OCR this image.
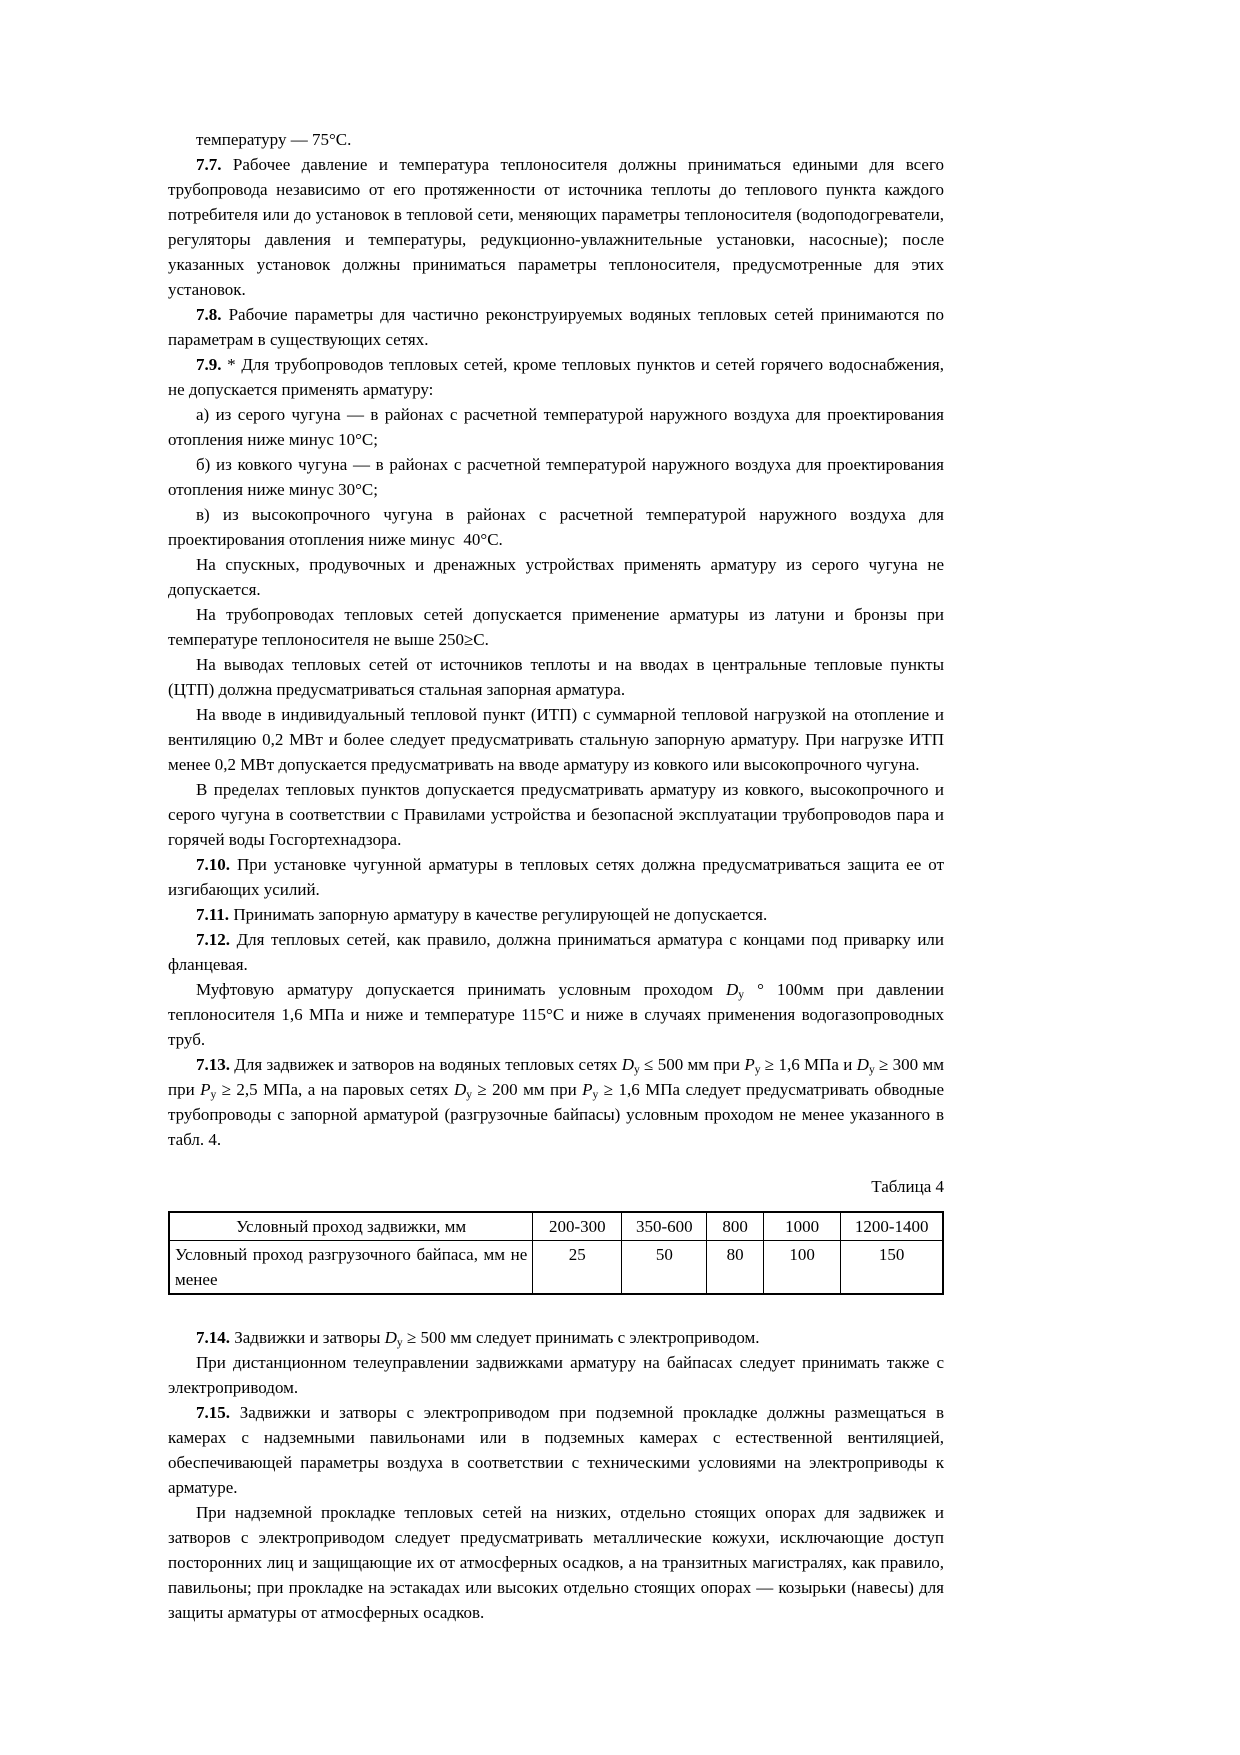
температуру — 75°С.

7.7. Рабочее давление и температура теплоносителя должны приниматься едиными для всего трубопровода независимо от его протяженности от источника теплоты до теплового пункта каждого потребителя или до установок в тепловой сети, меняющих параметры теплоносителя (водоподогреватели, регуляторы давления и температуры, редукционно-увлажнительные установки, насосные); после указанных установок должны приниматься параметры теплоносителя, предусмотренные для этих установок.

7.8. Рабочие параметры для частично реконструируемых водяных тепловых сетей принимаются по параметрам в существующих сетях.

7.9. * Для трубопроводов тепловых сетей, кроме тепловых пунктов и сетей горячего водоснабжения, не допускается применять арматуру:

а) из серого чугуна — в районах с расчетной температурой наружного воздуха для проектирования отопления ниже минус 10°С;

б) из ковкого чугуна — в районах с расчетной температурой наружного воздуха для проектирования отопления ниже минус 30°С;

в) из высокопрочного чугуна в районах с расчетной температурой наружного воздуха для проектирования отопления ниже минус  40°С.

На спускных, продувочных и дренажных устройствах применять арматуру из серого чугуна не допускается.

На трубопроводах тепловых сетей допускается применение арматуры из латуни и бронзы при температуре теплоносителя не выше 250≥С.

На выводах тепловых сетей от источников теплоты и на вводах в центральные тепловые пункты (ЦТП) должна предусматриваться стальная запорная арматура.

На вводе в индивидуальный тепловой пункт (ИТП) с суммарной тепловой нагрузкой на отопление и вентиляцию 0,2 МВт и более следует предусматривать стальную запорную арматуру. При нагрузке ИТП менее 0,2 МВт допускается предусматривать на вводе арматуру из ковкого или высокопрочного чугуна.

В пределах тепловых пунктов допускается предусматривать арматуру из ковкого, высокопрочного и серого чугуна в соответствии с Правилами устройства и безопасной эксплуатации трубопроводов пара и горячей воды Госгортехнадзора.

7.10. При установке чугунной арматуры в тепловых сетях должна предусматриваться защита ее от изгибающих усилий.

7.11. Принимать запорную арматуру в качестве регулирующей не допускается.

7.12. Для тепловых сетей, как правило, должна приниматься арматура с концами под приварку или фланцевая.

Муфтовую арматуру допускается принимать условным проходом $D_у$ ° 100мм при давлении теплоносителя 1,6 МПа и ниже и температуре 115°С и ниже в случаях применения водогазопроводных труб.

7.13. Для задвижек и затворов на водяных тепловых сетях $D_у \le 500$ мм при $P_у \ge 1,6$ МПа и $D_у \ge 300$ мм при $P_у \ge 2,5$ МПа, а на паровых сетях $D_у \ge 200$ мм при $P_у \ge 1,6$ МПа следует предусматривать обводные трубопроводы с запорной арматурой (разгрузочные байпасы) условным проходом не менее указанного в табл. 4.

Таблица 4

Условный проход задвижки, мм	200-300	350-600	800	1000	1200-1400
Условный проход разгрузочного байпаса, мм не менее	25	50	80	100	150

7.14. Задвижки и затворы $D_у \ge 500$ мм следует принимать с электроприводом.

При дистанционном телеуправлении задвижками арматуру на байпасах следует принимать также с электроприводом.

7.15. Задвижки и затворы с электроприводом при подземной прокладке должны размещаться в камерах с надземными павильонами или в подземных камерах с естественной вентиляцией, обеспечивающей параметры воздуха в соответствии с техническими условиями на электроприводы к арматуре.

При надземной прокладке тепловых сетей на низких, отдельно стоящих опорах для задвижек и затворов с электроприводом следует предусматривать металлические кожухи, исключающие доступ посторонних лиц и защищающие их от атмосферных осадков, а на транзитных магистралях, как правило, павильоны; при прокладке на эстакадах или высоких отдельно стоящих опорах — козырьки (навесы) для защиты арматуры от атмосферных осадков.
